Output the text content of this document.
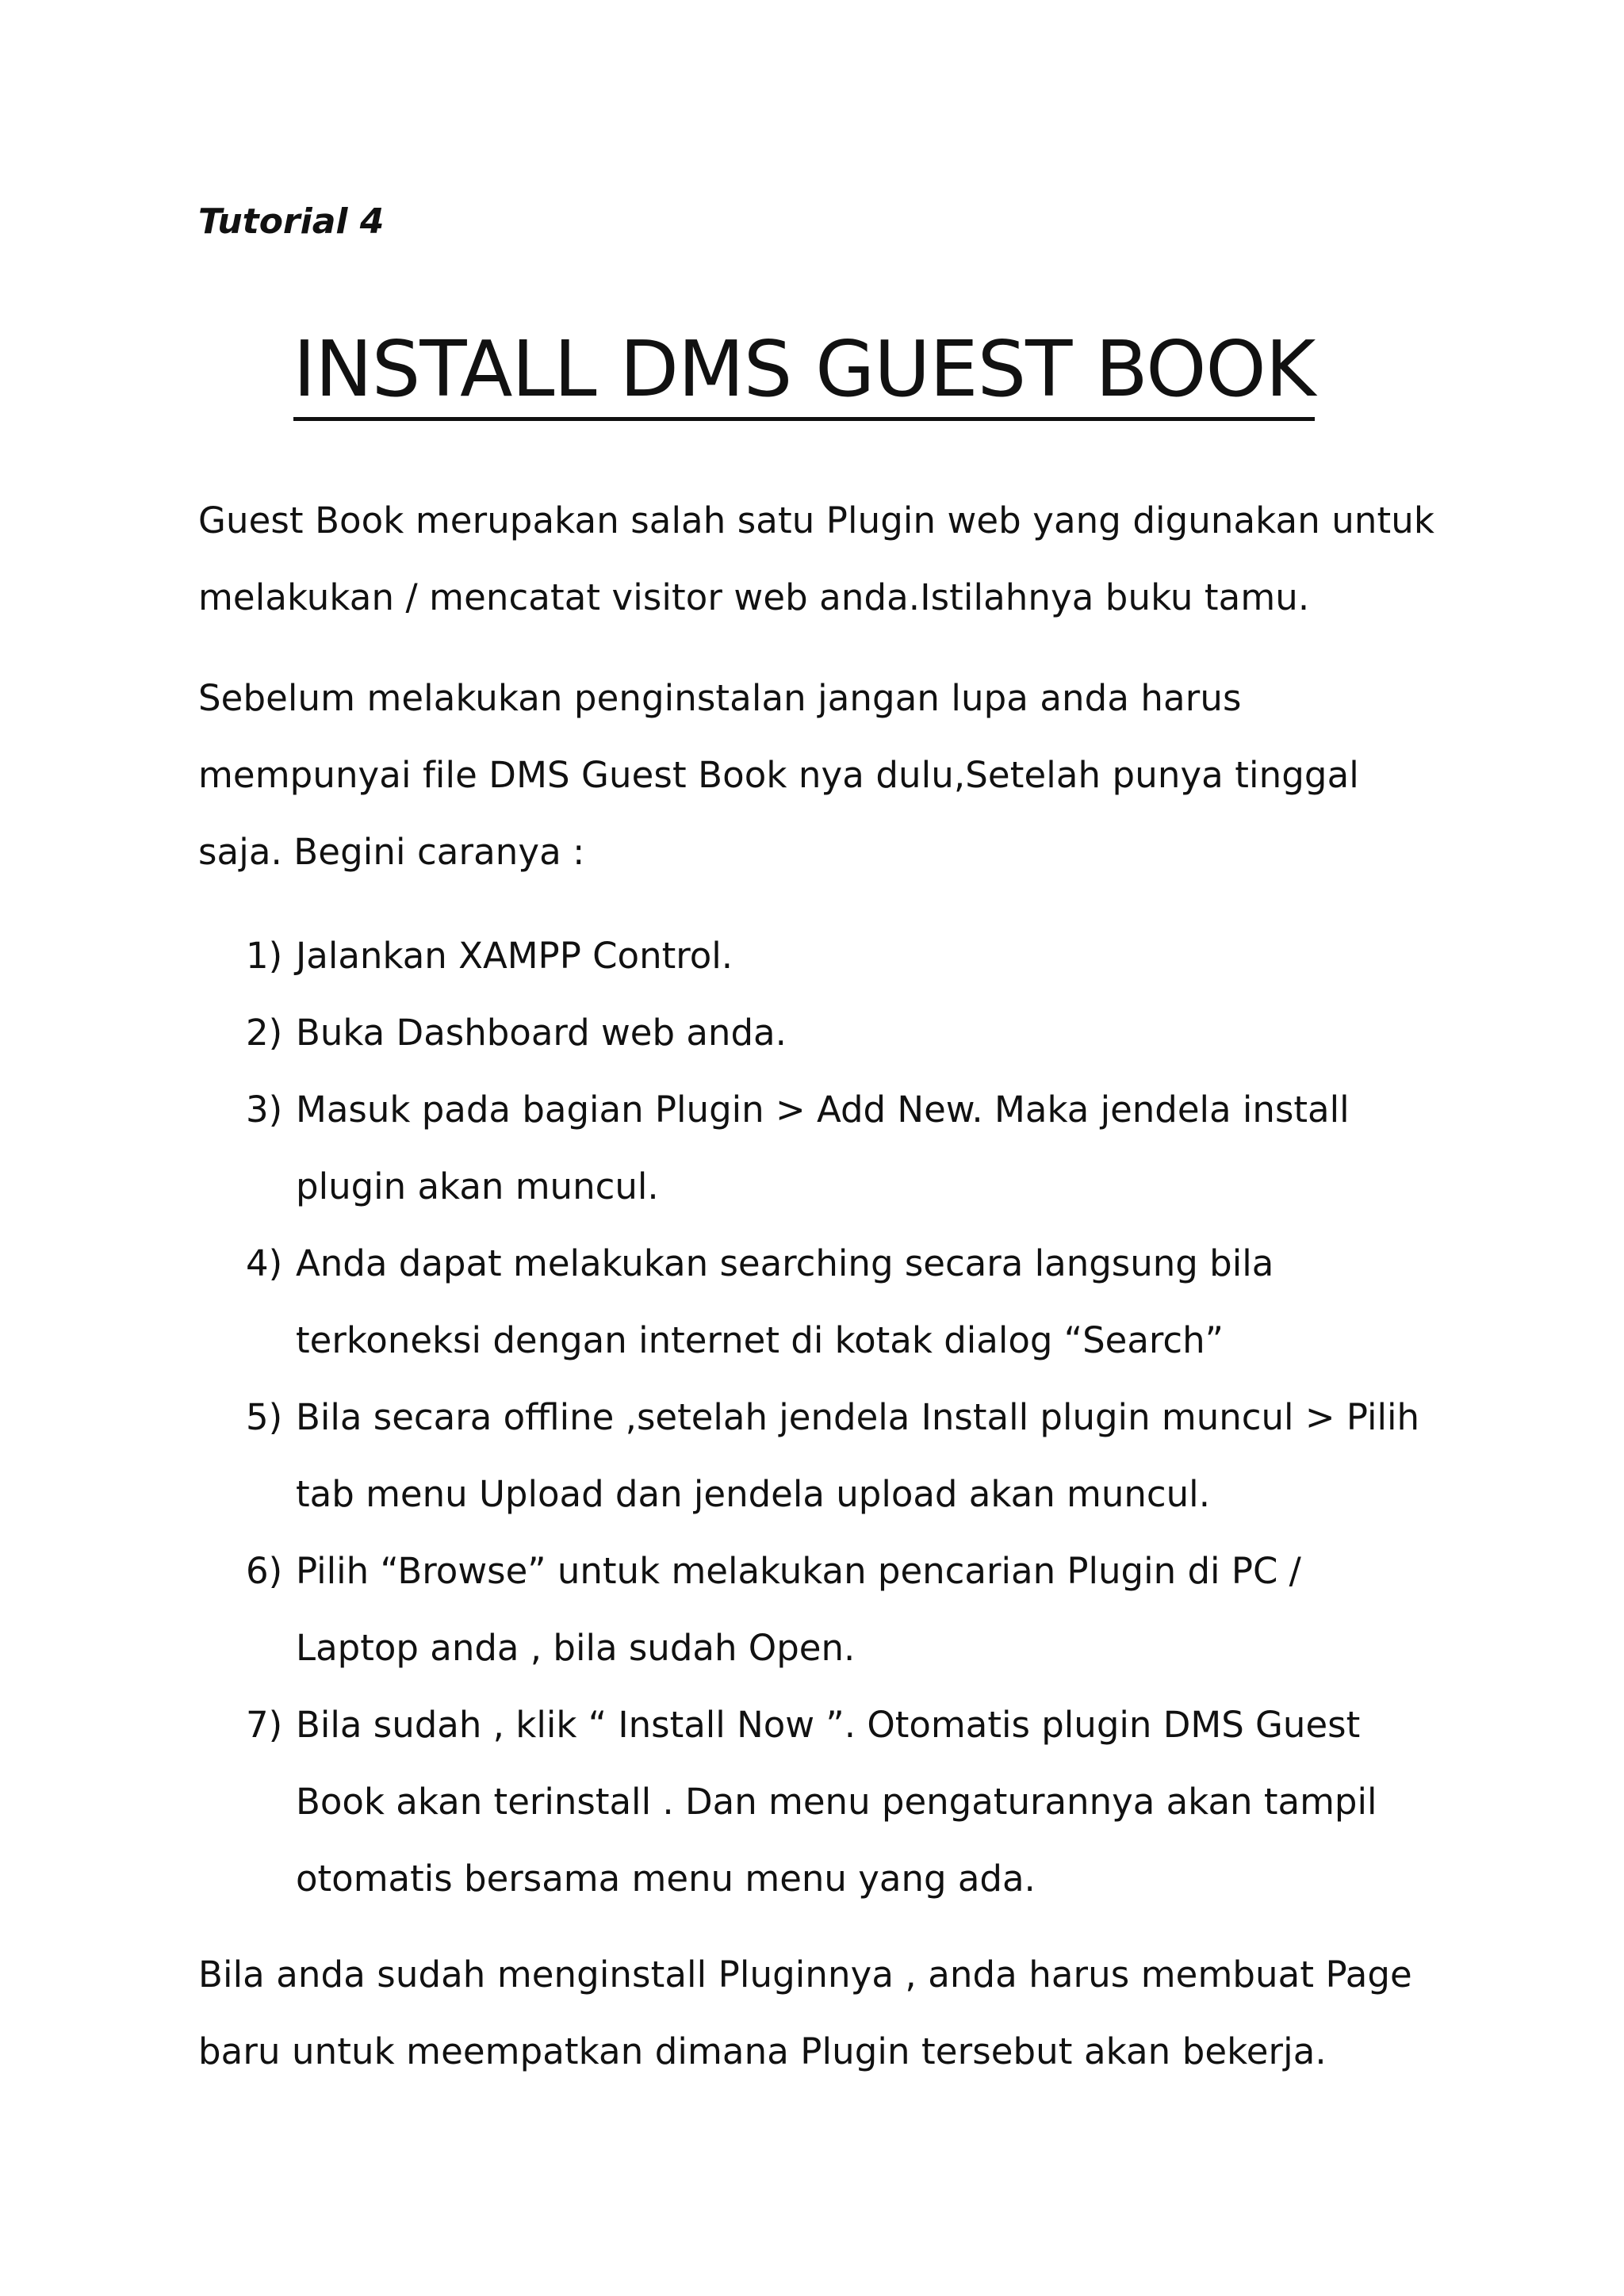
Tutorial 4

INSTALL DMS GUEST BOOK

Guest Book merupakan salah satu Plugin web yang digunakan untuk melakukan / mencatat visitor web anda.Istilahnya buku tamu.

Sebelum melakukan penginstalan jangan lupa anda harus mempunyai file DMS Guest Book nya dulu,Setelah punya tinggal saja. Begini caranya :

1) Jalankan XAMPP Control.
2) Buka Dashboard web anda.
3) Masuk pada bagian Plugin > Add New. Maka jendela install plugin akan muncul.
4) Anda dapat melakukan searching secara langsung bila terkoneksi dengan internet di kotak dialog “Search”
5) Bila secara offline ,setelah jendela Install plugin muncul > Pilih tab menu Upload dan jendela upload akan muncul.
6) Pilih “Browse” untuk melakukan pencarian Plugin di PC / Laptop anda , bila sudah Open.
7) Bila sudah , klik “ Install Now ”. Otomatis plugin DMS Guest Book akan terinstall . Dan menu pengaturannya akan tampil otomatis bersama menu menu yang ada.

Bila anda sudah menginstall Pluginnya , anda harus membuat Page baru untuk meempatkan dimana Plugin tersebut akan bekerja.
